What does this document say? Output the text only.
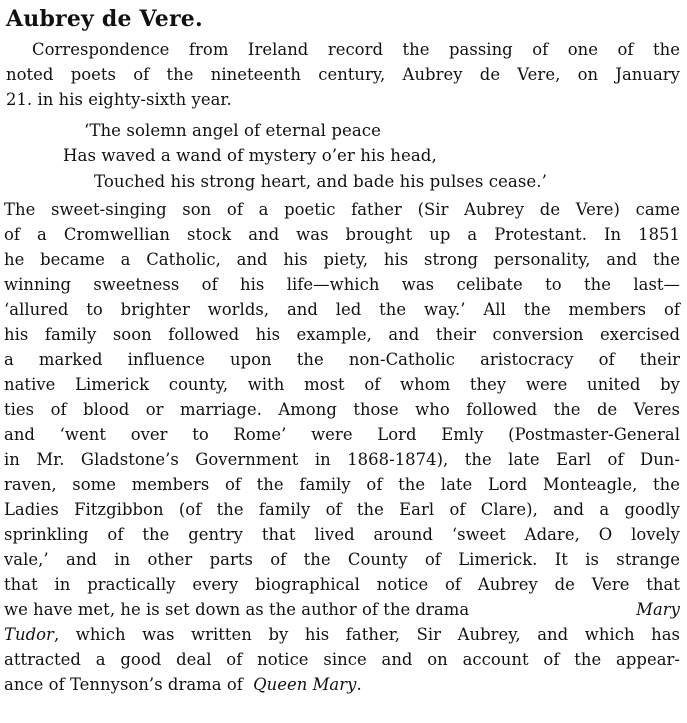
Aubrey de Vere.
Correspondence from Ireland record the passing of one of the
noted poets of the nineteenth century, Aubrey de Vere, on January
21. in his eighty-sixth year.
‘The solemn angel of eternal peace
Has waved a wand of mystery o’er his head,
Touched his strong heart, and bade his pulses cease.’
The sweet-singing son of a poetic father (Sir Aubrey de Vere) came
of a Cromwellian stock and was brought up a Protestant. In 1851
he became a Catholic, and his piety, his strong personality, and the
winning sweetness of his life—which was celibate to the last—
‘allured to brighter worlds, and led the way.’ All the members of
his family soon followed his example, and their conversion exercised
a marked influence upon the non-Catholic aristocracy of their
native Limerick county, with most of whom they were united by
ties of blood or marriage. Among those who followed the de Veres
and ‘went over to Rome’ were Lord Emly (Postmaster-General
in Mr. Gladstone’s Government in 1868-1874), the late Earl of Dun-
raven, some members of the family of the late Lord Monteagle, the
Ladies Fitzgibbon (of the family of the Earl of Clare), and a goodly
sprinkling of the gentry that lived around ‘sweet Adare, O lovely
vale,’ and in other parts of the County of Limerick. It is strange
that in practically every biographical notice of Aubrey de Vere that
we have met, he is set down as the author of the drama	Mary
Tudor , which was written by his father, Sir Aubrey, and which has
attracted a good deal of notice since and on account of the appear-
ance of Tennyson’s drama of Queen Mary.
